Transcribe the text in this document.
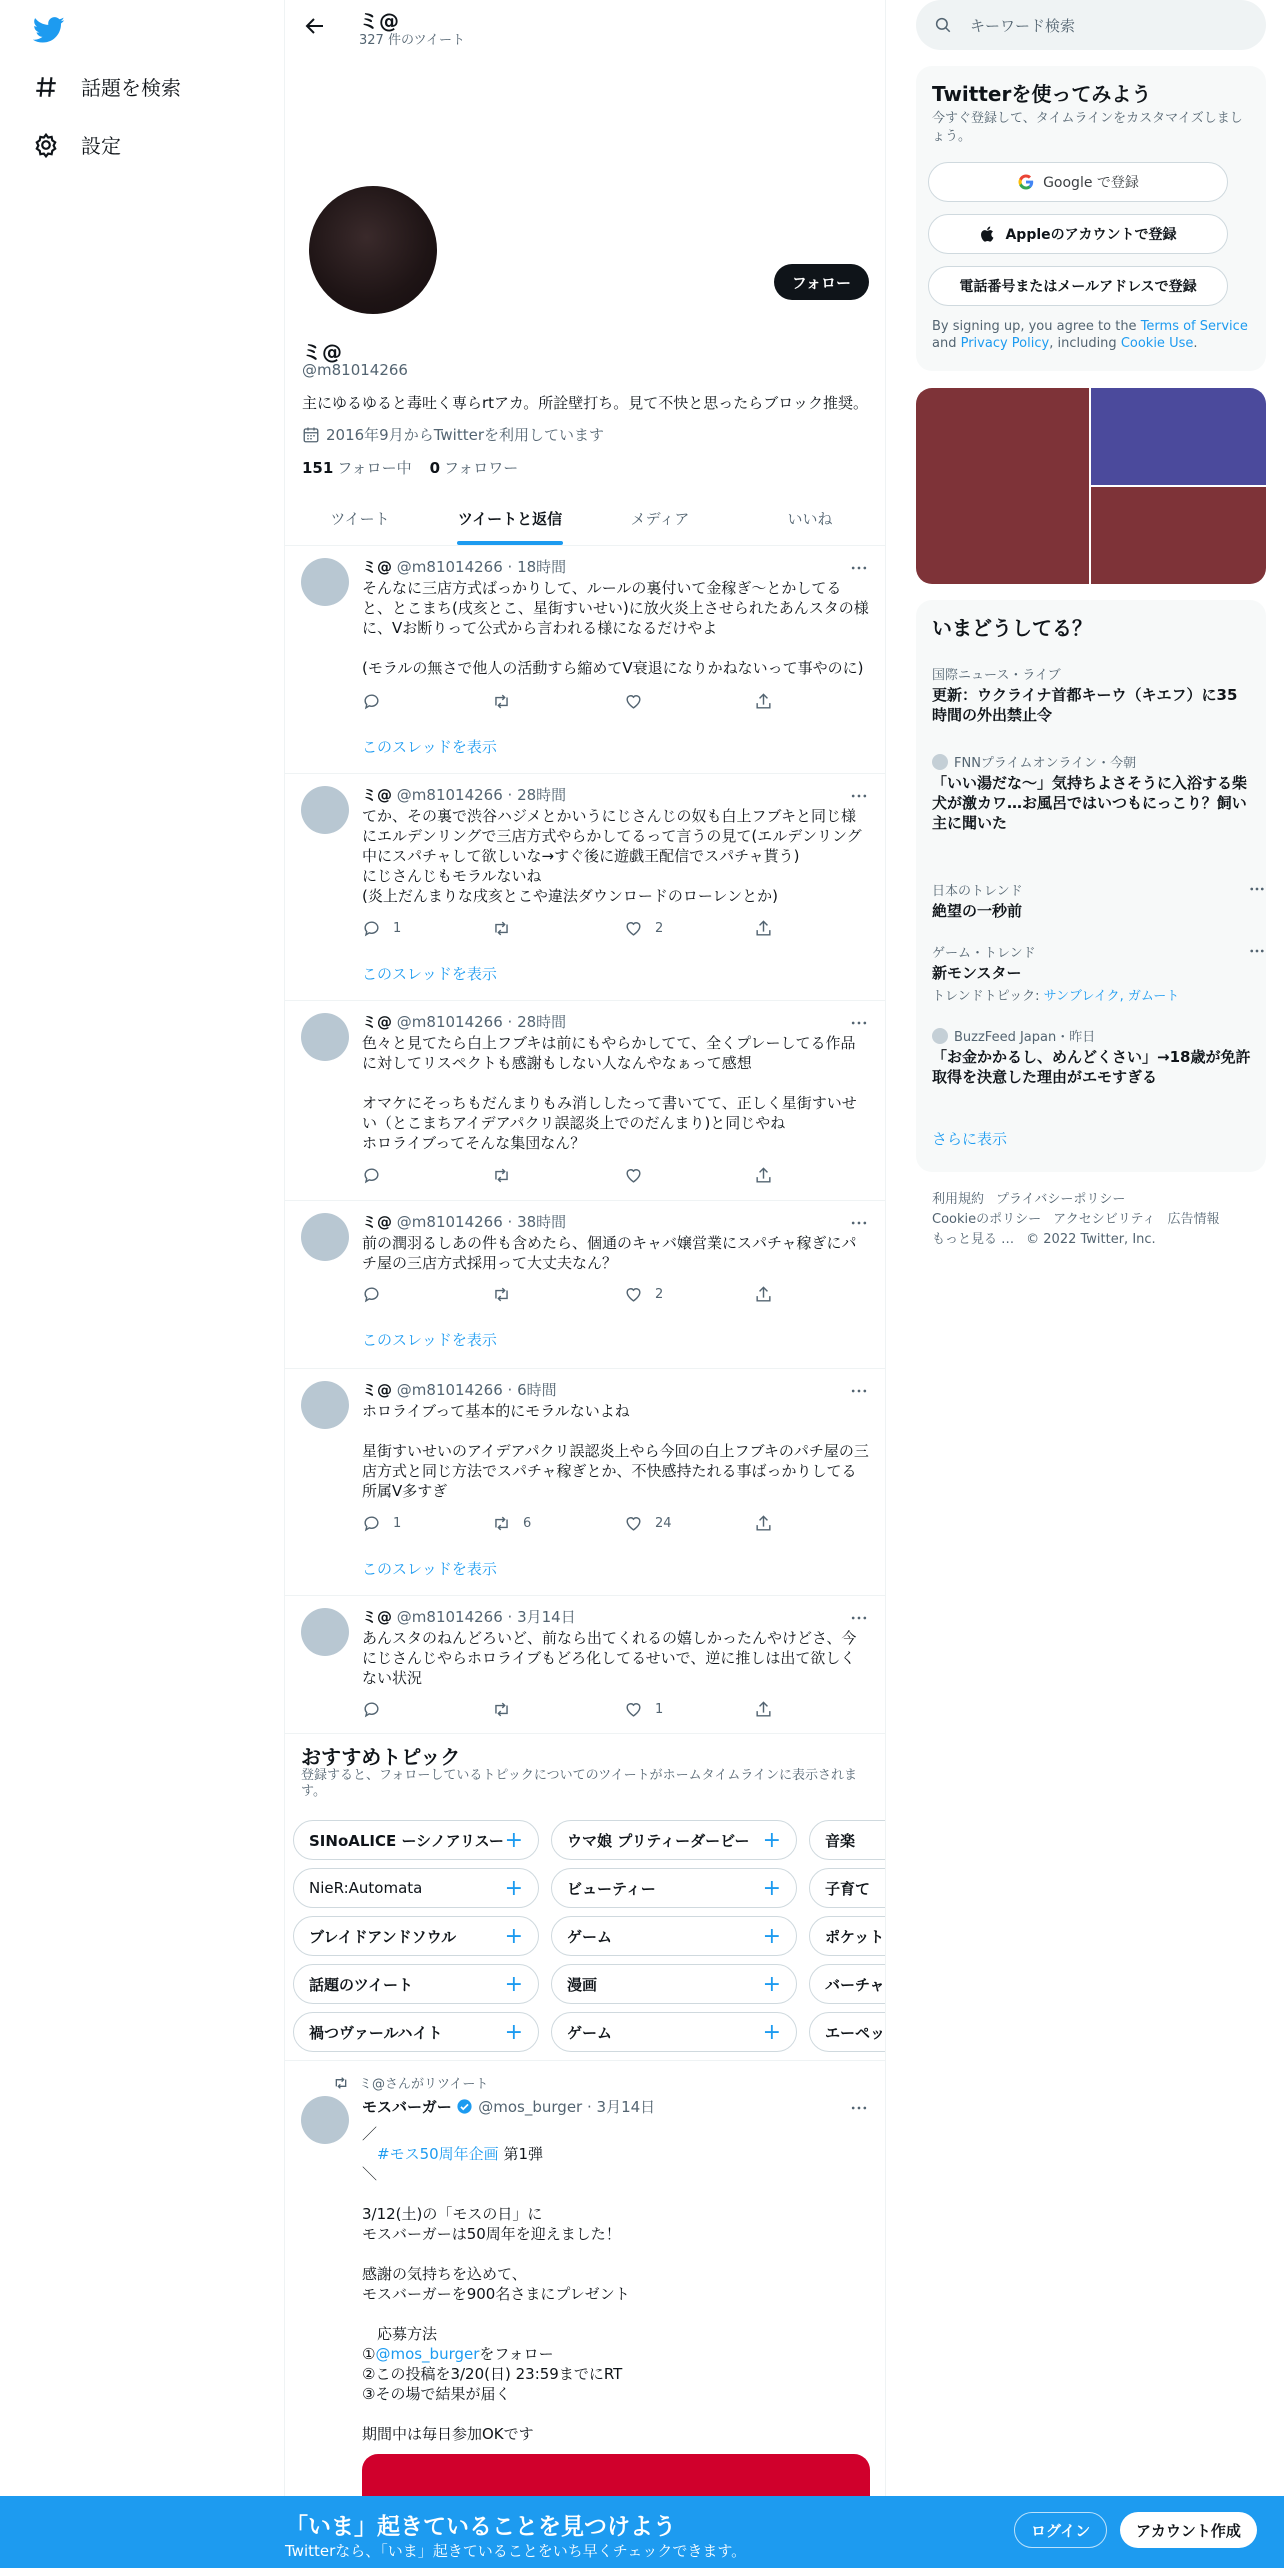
話題を検索
設定
ミ@
327 件のツイート
フォロー
ミ@
@m81014266
主にゆるゆると毒吐く専らrtアカ。所詮壁打ち。見て不快と思ったらブロック推奨。
2016年9月からTwitterを利用しています
151 フォロー中 0 フォロワー
ツイート	ツイートと返信	メディア	いいね
ミ@ @m81014266 · 18時間
そんなに三店方式ばっかりして、ルールの裏付いて金稼ぎ〜とかしてると、とこまち(戌亥とこ、星街すいせい)に放火炎上させられたあんスタの様に、Vお断りって公式から言われる様になるだけやよ

(モラルの無さで他人の活動すら縮めてV衰退になりかねないって事やのに)
このスレッドを表示
ミ@ @m81014266 · 28時間
てか、その裏で渋谷ハジメとかいうにじさんじの奴も白上フブキと同じ様にエルデンリングで三店方式やらかしてるって言うの見て(エルデンリング中にスパチャして欲しいな→すぐ後に遊戯王配信でスパチャ貰う)
にじさんじもモラルないね
(炎上だんまりな戌亥とこや違法ダウンロードのローレンとか)
1	2
このスレッドを表示
ミ@ @m81014266 · 28時間
色々と見てたら白上フブキは前にもやらかしてて、全くプレーしてる作品に対してリスペクトも感謝もしない人なんやなぁって感想

オマケにそっちもだんまりもみ消ししたって書いてて、正しく星街すいせい（とこまちアイデアパクリ誤認炎上でのだんまり)と同じやね
ホロライブってそんな集団なん？
ミ@ @m81014266 · 38時間
前の潤羽るしあの件も含めたら、個通のキャバ嬢営業にスパチャ稼ぎにパチ屋の三店方式採用って大丈夫なん？
2
このスレッドを表示
ミ@ @m81014266 · 6時間
ホロライブって基本的にモラルないよね

星街すいせいのアイデアパクリ誤認炎上やら今回の白上フブキのパチ屋の三店方式と同じ方法でスパチャ稼ぎとか、不快感持たれる事ばっかりしてる所属V多すぎ
1	6	24
このスレッドを表示
ミ@ @m81014266 · 3月14日
あんスタのねんどろいど、前なら出てくれるの嬉しかったんやけどさ、今にじさんじやらホロライブもどろ化してるせいで、逆に推しは出て欲しくない状況
1
おすすめトピック
登録すると、フォローしているトピックについてのツイートがホームタイムラインに表示されます。
SINoALICE ーシノアリスー +	ウマ娘 プリティーダービー +	音楽
NieR:Automata	+	ビューティー	+	子育て
ブレイドアンドソウル +	ゲーム	+	ポケット
話題のツイート	+	漫画	+	バーチャ
禍つヴァールハイト	+	ゲーム	+	エーペッ
ミ@さんがリツイート
モスバーガー @mos_burger · 3月14日
／
　#モス50周年企画 第1弾
＼

3/12(土)の「モスの日」に
モスバーガーは50周年を迎えました！

感謝の気持ちを込めて、
モスバーガーを900名さまにプレゼント

　応募方法
①@mos_burgerをフォロー
②この投稿を3/20(日) 23:59までにRT
③その場で結果が届く

期間中は毎日参加OKです
キーワード検索
Twitterを使ってみよう
今すぐ登録して、タイムラインをカスタマイズしましょう。
Google で登録
Appleのアカウントで登録
電話番号またはメールアドレスで登録
By signing up, you agree to the Terms of Service and Privacy Policy, including Cookie Use.
いまどうしてる？
国際ニュース・ライブ
更新：ウクライナ首都キーウ（キエフ）に35時間の外出禁止令
FNNプライムオンライン・今朝
「いい湯だな～」気持ちよさそうに入浴する柴犬が激カワ…お風呂ではいつもにっこり？飼い主に聞いた
日本のトレンド
絶望の一秒前
ゲーム・トレンド
新モンスター
トレンドトピック: サンブレイク, ガムート
BuzzFeed Japan・昨日
「お金かかるし、めんどくさい」→18歳が免許取得を決意した理由がエモすぎる
さらに表示
利用規約 プライバシーポリシー
Cookieのポリシー アクセシビリティ 広告情報
もっと見る … © 2022 Twitter, Inc.
「いま」起きていることを見つけよう
Twitterなら、「いま」起きていることをいち早くチェックできます。
ログイン	アカウント作成
